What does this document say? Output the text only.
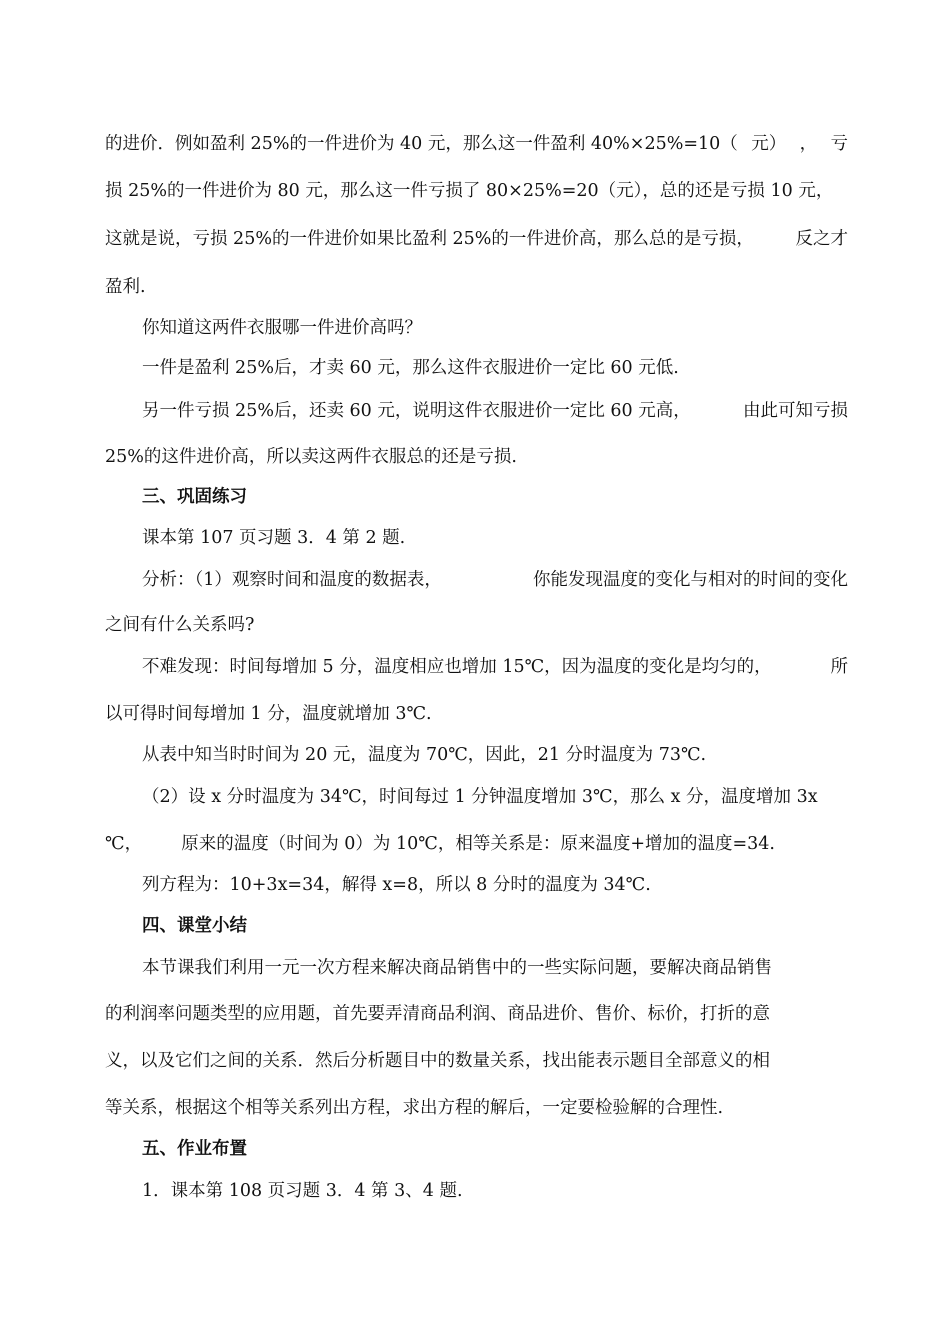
的进价．例如盈利 25%的一件进价为 40 元，那么这一件盈利 40%×25%=10（ 元） ， 亏
损 25%的一件进价为 80 元，那么这一件亏损了 80×25%=20（元），总的还是亏损 10 元，
这就是说，亏损 25%的一件进价如果比盈利 25%的一件进价高，那么总的是亏损， 反之才
盈利.
你知道这两件衣服哪一件进价高吗？
一件是盈利 25%后，才卖 60 元，那么这件衣服进价一定比 60 元低.
另一件亏损 25%后，还卖 60 元，说明这件衣服进价一定比 60 元高，	由此可知亏损
25%的这件进价高，所以卖这两件衣服总的还是亏损.
三、巩固练习
课本第 107 页习题 3．4 第 2 题.
分析：（1）观察时间和温度的数据表，	你能发现温度的变化与相对的时间的变化
之间有什么关系吗?
不难发现：时间每增加 5 分，温度相应也增加 15℃，因为温度的变化是均匀的，	所
以可得时间每增加 1 分，温度就增加 3℃.
从表中知当时时间为 20 元，温度为 70℃，因此，21 分时温度为 73℃.
（2）设 x 分时温度为 34℃，时间每过 1 分钟温度增加 3℃，那么 x 分，温度增加 3x
℃， 原来的温度（时间为 0）为 10℃，相等关系是：原来温度+增加的温度=34.
列方程为：10+3x=34，解得 x=8，所以 8 分时的温度为 34℃.
四、课堂小结
本节课我们利用一元一次方程来解决商品销售中的一些实际问题，要解决商品销售
的利润率问题类型的应用题，首先要弄清商品利润、商品进价、售价、标价，打折的意
义，以及它们之间的关系．然后分析题目中的数量关系，找出能表示题目全部意义的相
等关系，根据这个相等关系列出方程，求出方程的解后，一定要检验解的合理性.
五、作业布置
1．课本第 108 页习题 3．4 第 3、4 题.
